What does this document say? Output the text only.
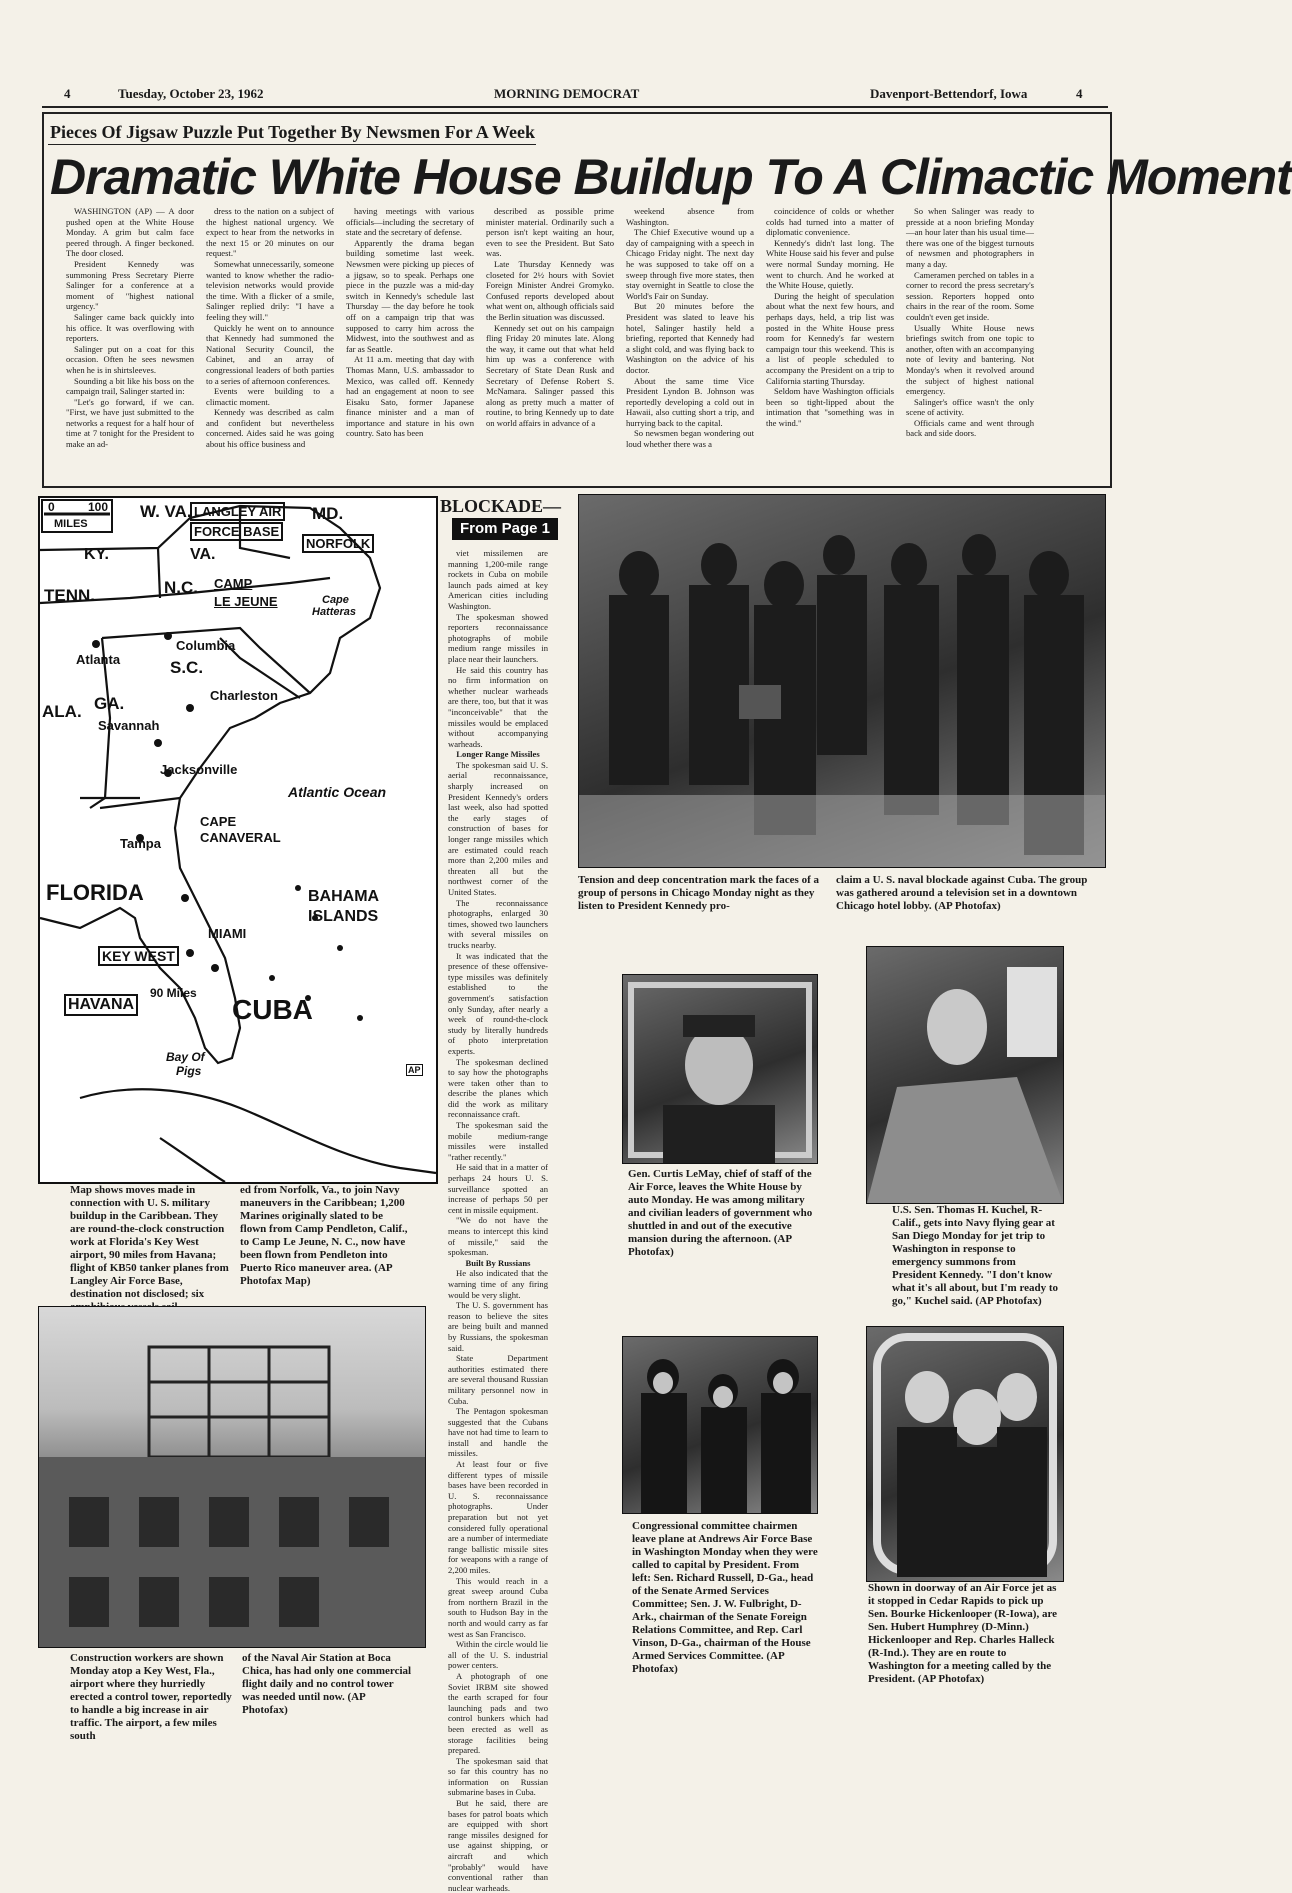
4	Tuesday, October 23, 1962	MORNING DEMOCRAT	Davenport-Bettendorf, Iowa	4
Pieces Of Jigsaw Puzzle Put Together By Newsmen For A Week
Dramatic White House Buildup To A Climactic Moment

WASHINGTON (AP) — A door pushed open at the White House Monday. A grim but calm face peered through. A finger beckoned. The door closed.

President Kennedy was summoning Press Secretary Pierre Salinger for a conference at a moment of "highest national urgency."

Salinger came back quickly into his office. It was overflowing with reporters.

Salinger put on a coat for this occasion. Often he sees newsmen when he is in shirtsleeves.

Sounding a bit like his boss on the campaign trail, Salinger started in:

"Let's go forward, if we can. "First, we have just submitted to the networks a request for a half hour of time at 7 tonight for the President to make an ad-

dress to the nation on a subject of the highest national urgency. We expect to hear from the networks in the next 15 or 20 minutes on our request."

Somewhat unnecessarily, someone wanted to know whether the radio-television networks would provide the time. With a flicker of a smile, Salinger replied drily: "I have a feeling they will."

Quickly he went on to announce that Kennedy had summoned the National Security Council, the Cabinet, and an array of congressional leaders of both parties to a series of afternoon conferences.

Events were building to a climactic moment.

Kennedy was described as calm and confident but nevertheless concerned. Aides said he was going about his office business and

having meetings with various officials—including the secretary of state and the secretary of defense.

Apparently the drama began building sometime last week. Newsmen were picking up pieces of a jigsaw, so to speak. Perhaps one piece in the puzzle was a mid-day switch in Kennedy's schedule last Thursday — the day before he took off on a campaign trip that was supposed to carry him across the Midwest, into the southwest and as far as Seattle.

At 11 a.m. meeting that day with Thomas Mann, U.S. ambassador to Mexico, was called off. Kennedy had an engagement at noon to see Eisaku Sato, former Japanese finance minister and a man of importance and stature in his own country. Sato has been

described as possible prime minister material. Ordinarily such a person isn't kept waiting an hour, even to see the President. But Sato was.

Late Thursday Kennedy was closeted for 2½ hours with Soviet Foreign Minister Andrei Gromyko. Confused reports developed about what went on, although officials said the Berlin situation was discussed.

Kennedy set out on his campaign fling Friday 20 minutes late. Along the way, it came out that what held him up was a conference with Secretary of State Dean Rusk and Secretary of Defense Robert S. McNamara. Salinger passed this along as pretty much a matter of routine, to bring Kennedy up to date on world affairs in advance of a

weekend absence from Washington.

The Chief Executive wound up a day of campaigning with a speech in Chicago Friday night. The next day he was supposed to take off on a sweep through five more states, then stay overnight in Seattle to close the World's Fair on Sunday.

But 20 minutes before the President was slated to leave his hotel, Salinger hastily held a briefing, reported that Kennedy had a slight cold, and was flying back to Washington on the advice of his doctor.

About the same time Vice President Lyndon B. Johnson was reportedly developing a cold out in Hawaii, also cutting short a trip, and hurrying back to the capital.

So newsmen began wondering out loud whether there was a

coincidence of colds or whether colds had turned into a matter of diplomatic convenience.

Kennedy's didn't last long. The White House said his fever and pulse were normal Sunday morning. He went to church. And he worked at the White House, quietly.

During the height of speculation about what the next few hours, and perhaps days, held, a trip list was posted in the White House press room for Kennedy's far western campaign tour this weekend. This is a list of people scheduled to accompany the President on a trip to California starting Thursday.

Seldom have Washington officials been so tight-lipped about the intimation that "something was in the wind."

So when Salinger was ready to presside at a noon briefing Monday—an hour later than his usual time—there was one of the biggest turnouts of newsmen and photographers in many a day.

Cameramen perched on tables in a corner to record the press secretary's session. Reporters hopped onto chairs in the rear of the room. Some couldn't even get inside.

Usually White House news briefings switch from one topic to another, often with an accompanying note of levity and bantering. Not Monday's when it revolved around the subject of highest national emergency.

Salinger's office wasn't the only scene of activity.

Officials came and went through back and side doors.

0	100
MILES
W. VA. LANGLEY AIR
FORCE BASE
MD.
NORFOLK
KY.	VA.
TENN.	N.C. CAMP
LE JEUNE	Cape
Hatteras
Columbia
Atlanta	S.C.
Charleston
ALA. GA.
Savannah
Jacksonville
Atlantic Ocean
CAPE
CANAVERAL
Tampa
FLORIDA	BAHAMA
ISLANDS
MIAMI
KEY WEST
HAVANA
90 Miles
CUBA
Bay Of
Pigs	AP
Map shows moves made in connection with U. S. military buildup in the Caribbean. They are round-the-clock construction work at Florida's Key West airport, 90 miles from Havana; flight of KB50 tanker planes from Langley Air Force Base, destination not disclosed; six
ed from Norfolk, Va., to join Navy maneuvers in the Caribbean; 1,200 Marines originally slated to be flown from Camp Pendleton, Calif., to Camp Le Jeune, N. C., now have been flown from Pendleton into Puerto Rico maneuver area. (AP Photofax Map)
BLOCKADE—
From Page 1

viet missilemen are manning 1,200-mile range rockets in Cuba on mobile launch pads aimed at key American cities including Washington.

The spokesman showed reporters reconnaissance photographs of mobile medium range missiles in place near their launchers.

He said this country has no firm information on whether nuclear warheads are there, too, but that it was "inconceivable" that the missiles would be emplaced without accompanying warheads.

Longer Range Missiles

The spokesman said U. S. aerial reconnaissance, sharply increased on President Kennedy's orders last week, also had spotted the early stages of construction of bases for longer range missiles which are estimated could reach more than 2,200 miles and threaten all but the northwest corner of the United States.

The reconnaissance photographs, enlarged 30 times, showed two launchers with several missiles on trucks nearby.

It was indicated that the presence of these offensive-type missiles was definitely established to the government's satisfaction only Sunday, after nearly a week of round-the-clock study by literally hundreds of photo interpretation experts.

The spokesman declined to say how the photographs were taken other than to describe the planes which did the work as military reconnaissance craft.

The spokesman said the mobile medium-range missiles were installed "rather recently."

He said that in a matter of perhaps 24 hours U. S. surveillance spotted an increase of perhaps 50 per cent in missile equipment.

"We do not have the means to intercept this kind of missile," said the spokesman.

Built By Russians

He also indicated that the warning time of any firing would be very slight.

The U. S. government has reason to believe the sites are being built and manned by Russians, the spokesman said.

State Department authorities estimated there are several thousand Russian military personnel now in Cuba.

The Pentagon spokesman suggested that the Cubans have not had time to learn to install and handle the missiles.

At least four or five different types of missile bases have been recorded in U. S. reconnaissance photographs. Under preparation but not yet considered fully operational are a number of intermediate range ballistic missile sites for weapons with a range of 2,200 miles.

This would reach in a great sweep around Cuba from northern Brazil in the south to Hudson Bay in the north and would carry as far west as San Francisco.

Within the circle would lie all of the U. S. industrial power centers.

A photograph of one Soviet IRBM site showed the earth scraped for four launching pads and two control bunkers which had been erected as well as storage facilities being prepared.

The spokesman said that so far this country has no information on Russian submarine bases in Cuba.

But he said, there are bases for patrol boats which are equipped with short range missiles designed for use against shipping, or aircraft and which "probably" would have conventional rather than nuclear warheads.

Tension and deep concentration mark the faces of a group of persons in Chicago Monday night as they listen to President Kennedy pro-
claim a U. S. naval blockade against Cuba. The group was gathered around a television set in a downtown Chicago hotel lobby. (AP Photofax)
Gen. Curtis LeMay, chief of staff of the Air Force, leaves the White House by auto Monday. He was among military and civilian leaders of government who shuttled in and out of the executive mansion during the afternoon. (AP Photofax)
U.S. Sen. Thomas H. Kuchel, R-Calif., gets into Navy flying gear at San Diego Monday for jet trip to Washington in response to emergency summons from President Kennedy. "I don't know what it's all about, but I'm ready to go," Kuchel said. (AP Photofax)
Construction workers are shown Monday atop a Key West, Fla., airport where they hurriedly erected a control tower, reportedly to handle a big increase in air traffic. The airport, a few miles south
of the Naval Air Station at Boca Chica, has had only one commercial flight daily and no control tower was needed until now. (AP Photofax)
Congressional committee chairmen leave plane at Andrews Air Force Base in Washington Monday when they were called to capital by President. From left: Sen. Richard Russell, D-Ga., head of the Senate Armed Services Committee; Sen. J. W. Fulbright, D-Ark., chairman of the Senate Foreign Relations Committee, and Rep. Carl Vinson, D-Ga., chairman of the House Armed Services Committee. (AP Photofax)
Shown in doorway of an Air Force jet as it stopped in Cedar Rapids to pick up Sen. Bourke Hickenlooper (R-Iowa), are Sen. Hubert Humphrey (D-Minn.) Hickenlooper and Rep. Charles Halleck (R-Ind.). They are en route to Washington for a meeting called by the President. (AP Photofax)
